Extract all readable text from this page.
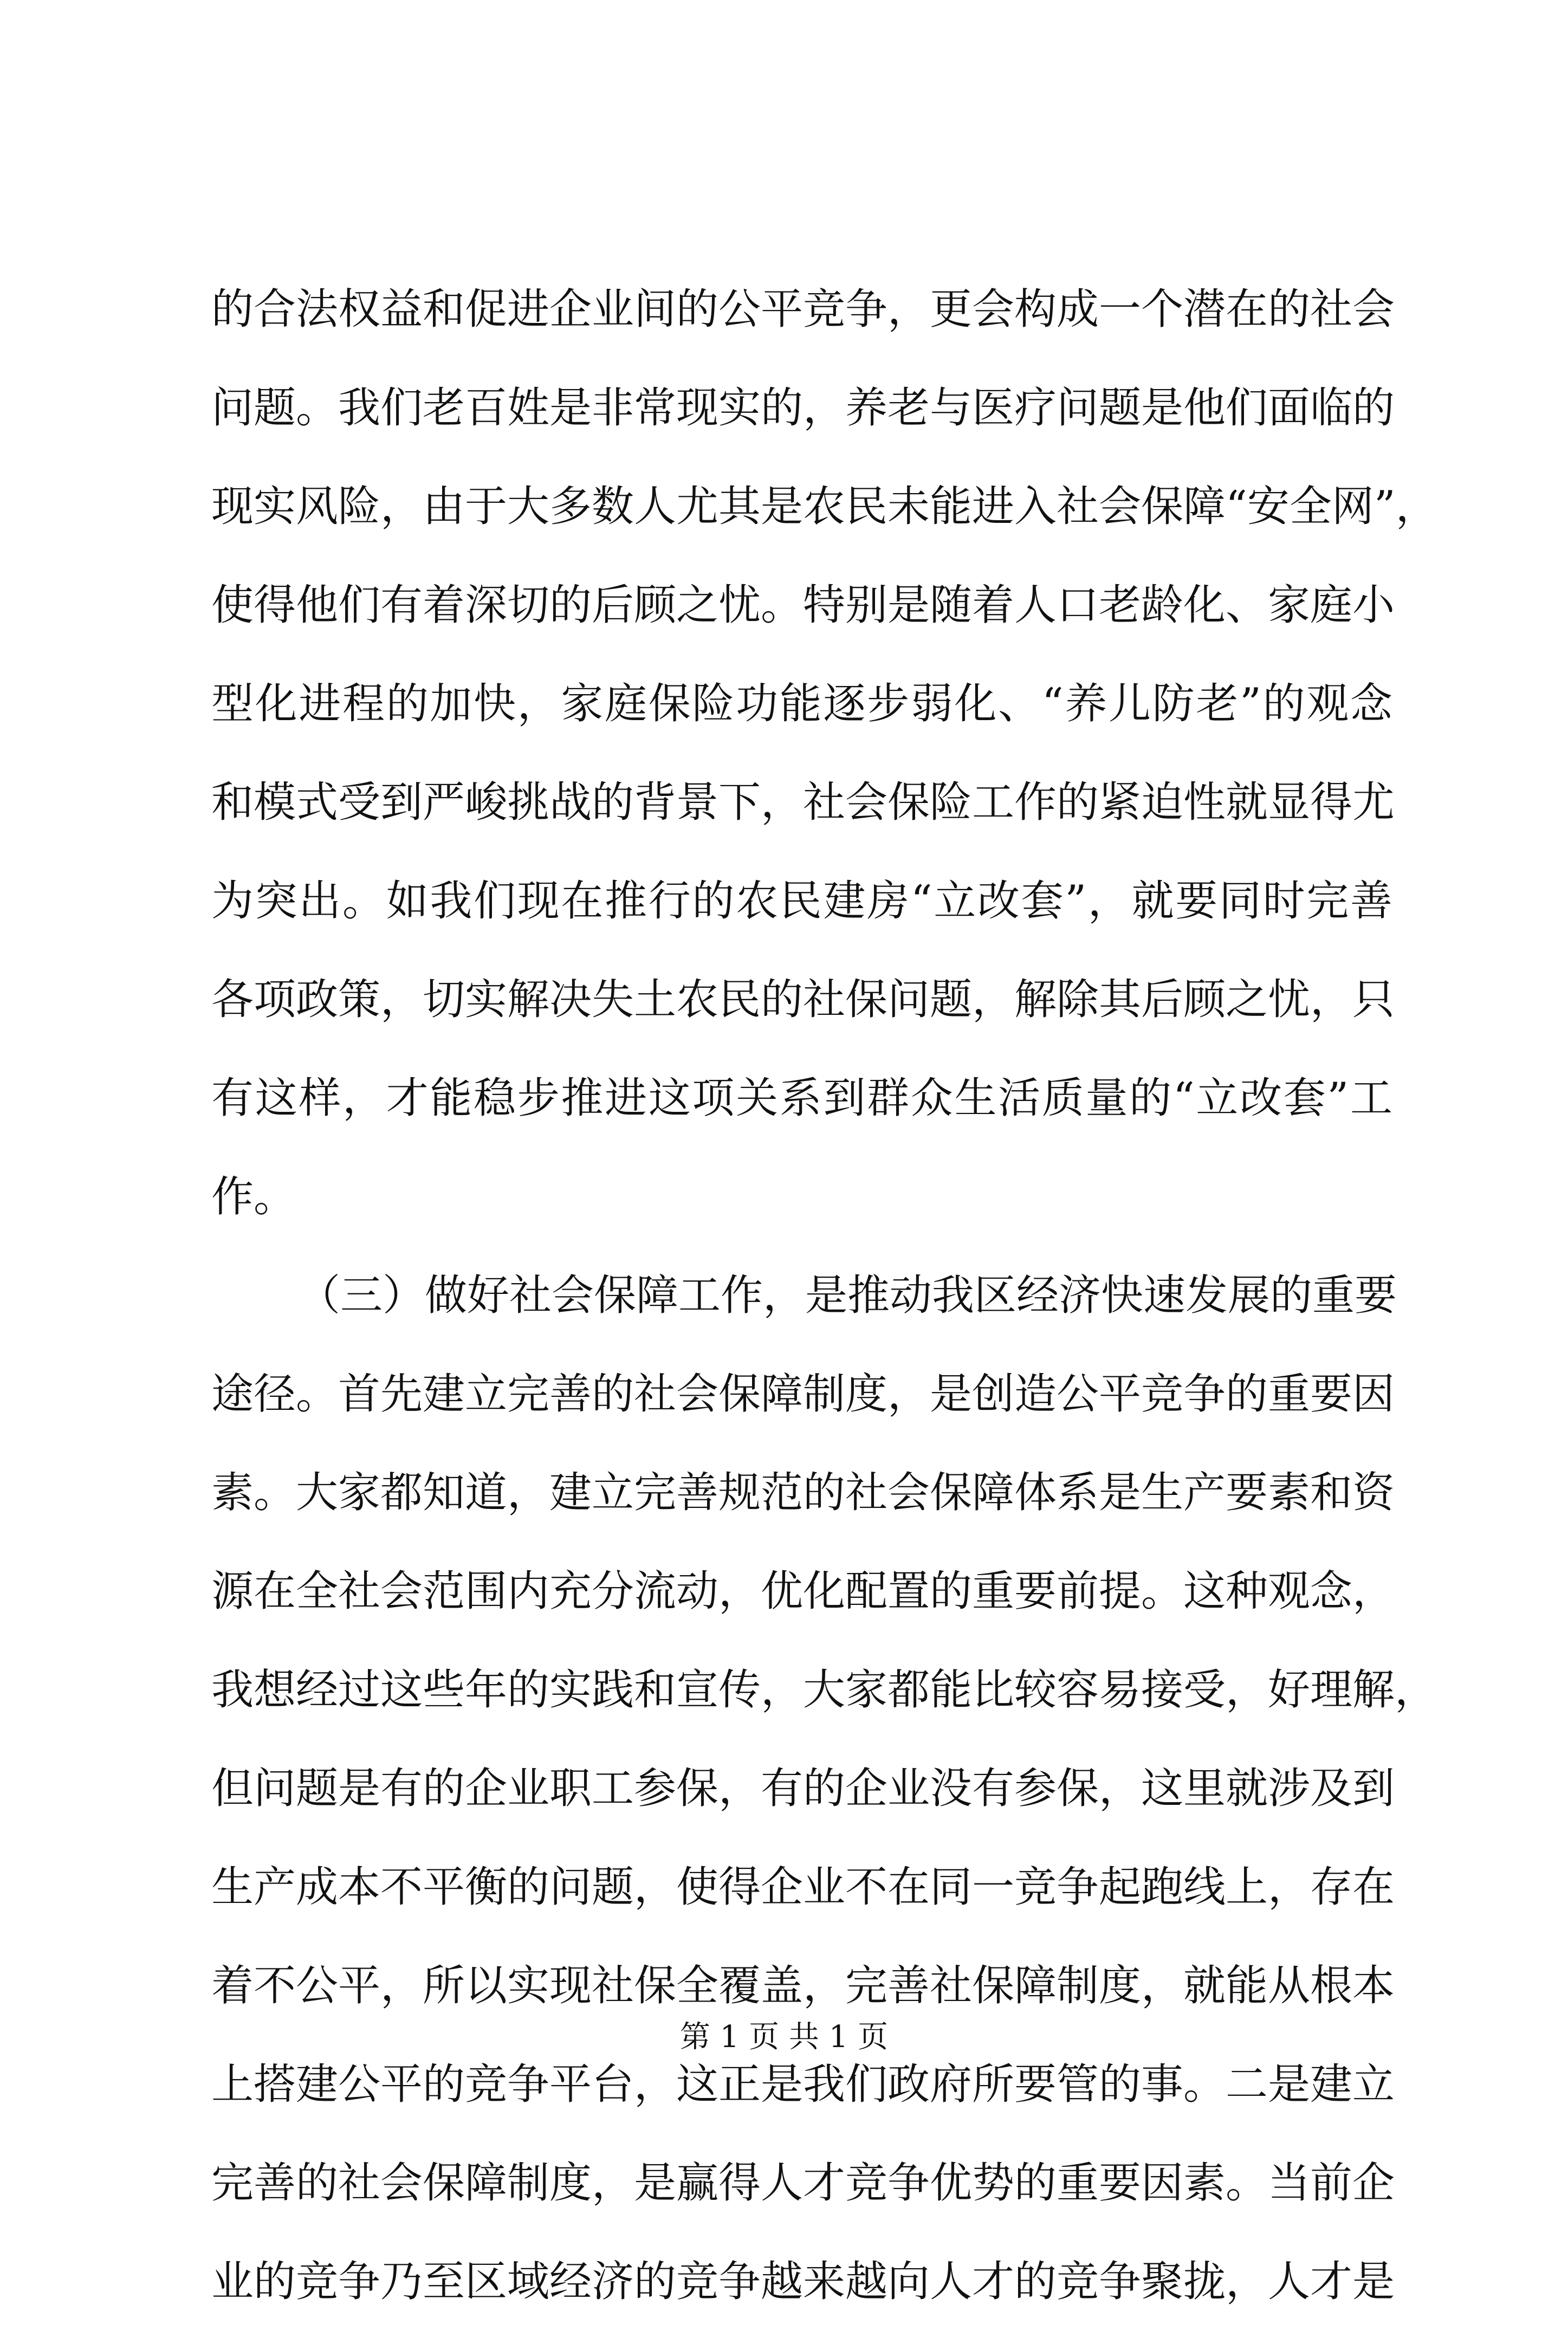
的合法权益和促进企业间的公平竞争，更会构成一个潜在的社会
问题。我们老百姓是非常现实的，养老与医疗问题是他们面临的
现实风险，由于大多数人尤其是农民未能进入社会保障“安全网”，
使得他们有着深切的后顾之忧。特别是随着人口老龄化、家庭小
型化进程的加快，家庭保险功能逐步弱化、“养儿防老”的观念
和模式受到严峻挑战的背景下，社会保险工作的紧迫性就显得尤
为突出。如我们现在推行的农民建房“立改套”，就要同时完善
各项政策，切实解决失土农民的社保问题，解除其后顾之忧，只
有这样，才能稳步推进这项关系到群众生活质量的“立改套”工
作。
（三）做好社会保障工作，是推动我区经济快速发展的重要
途径。首先建立完善的社会保障制度，是创造公平竞争的重要因
素。大家都知道，建立完善规范的社会保障体系是生产要素和资
源在全社会范围内充分流动，优化配置的重要前提。这种观念，
我想经过这些年的实践和宣传，大家都能比较容易接受，好理解，
但问题是有的企业职工参保，有的企业没有参保，这里就涉及到
生产成本不平衡的问题，使得企业不在同一竞争起跑线上，存在
着不公平，所以实现社保全覆盖，完善社保障制度，就能从根本
上搭建公平的竞争平台，这正是我们政府所要管的事。二是建立
完善的社会保障制度，是赢得人才竞争优势的重要因素。当前企
业的竞争乃至区域经济的竞争越来越向人才的竞争聚拢，人才是
第 1 页 共 1 页
